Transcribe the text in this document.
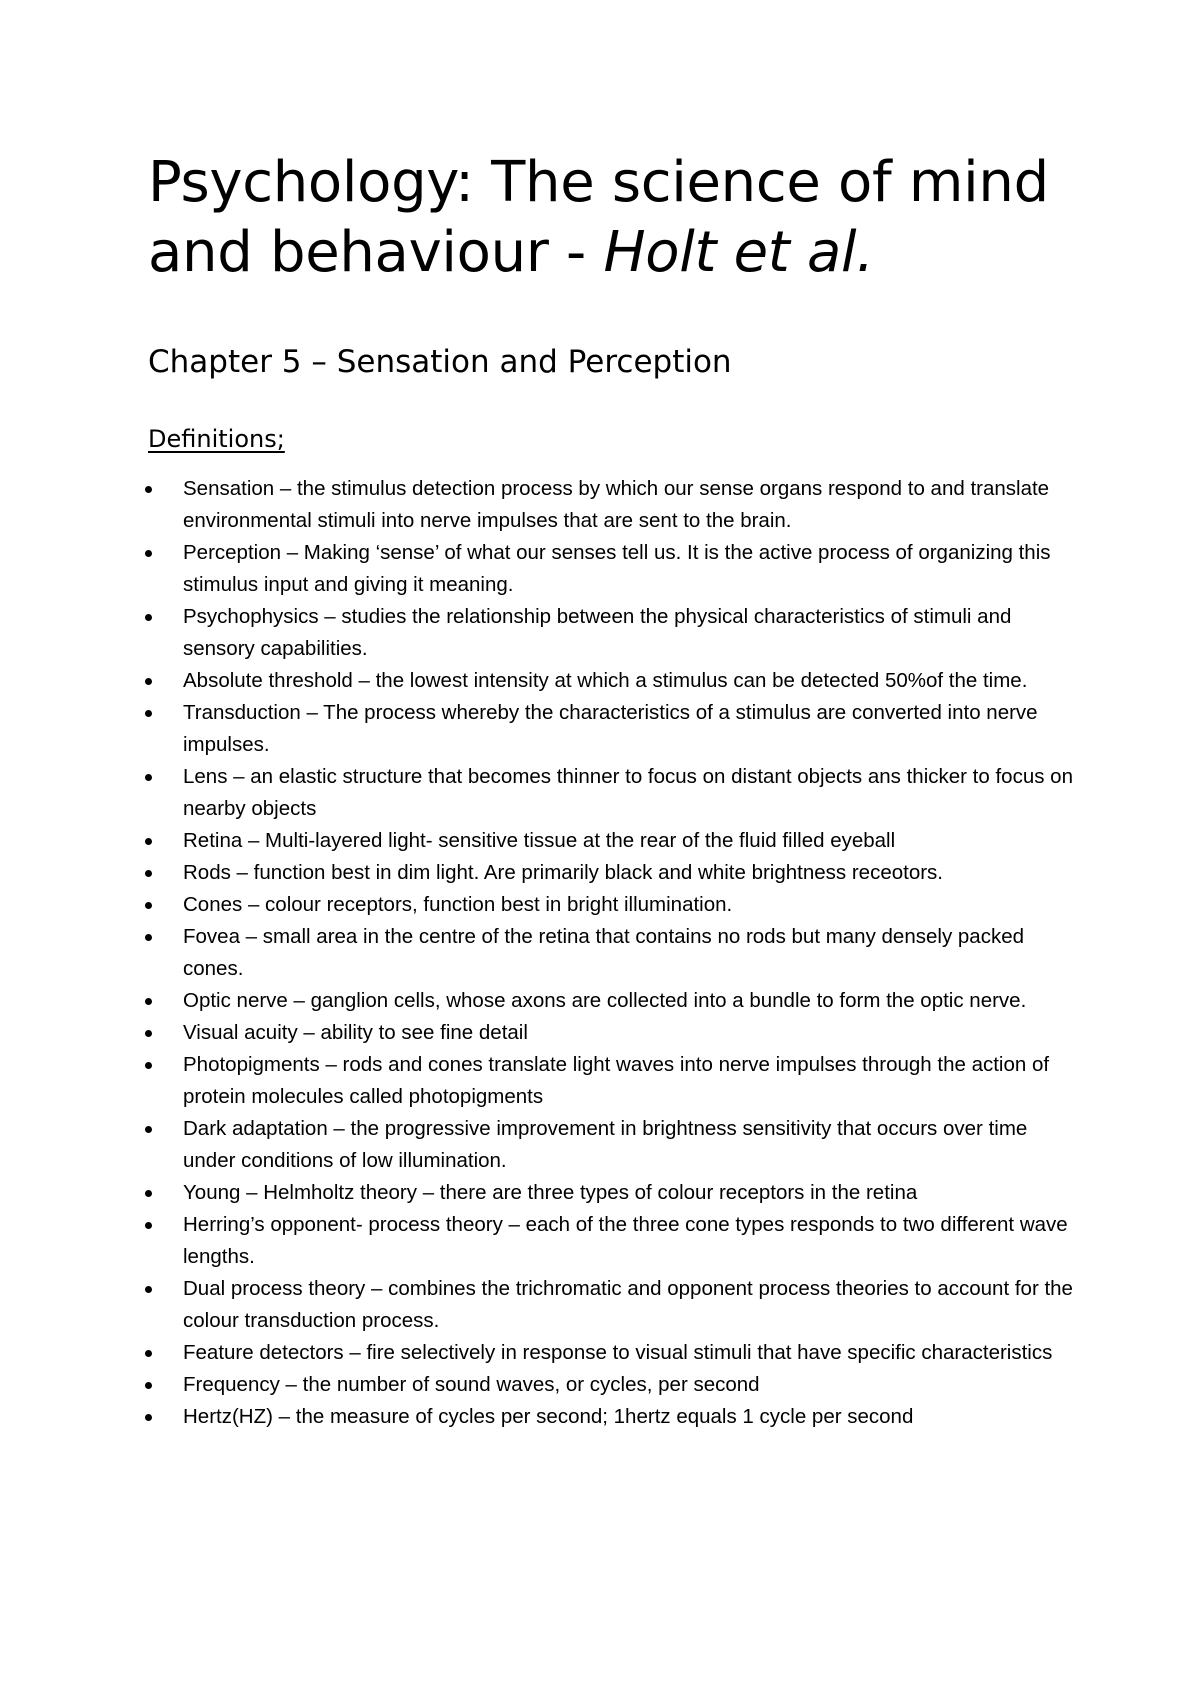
Psychology: The science of mind and behaviour - Holt et al.
Chapter 5 – Sensation and Perception
Definitions;
Sensation – the stimulus detection process by which our sense organs respond to and translate environmental stimuli into nerve impulses that are sent to the brain.
Perception – Making ‘sense’ of what our senses tell us. It is the active process of organizing this stimulus input and giving it meaning.
Psychophysics – studies the relationship between the physical characteristics of stimuli and sensory capabilities.
Absolute threshold – the lowest intensity at which a stimulus can be detected 50%of the time.
Transduction – The process whereby the characteristics of a stimulus are converted into nerve impulses.
Lens – an elastic structure that becomes thinner to focus on distant objects ans thicker to focus on nearby objects
Retina – Multi-layered light- sensitive tissue at the rear of the fluid filled eyeball
Rods – function best in dim light. Are primarily black and white brightness receotors.
Cones – colour receptors, function best in bright illumination.
Fovea – small area in the centre of the retina that contains no rods but many densely packed cones.
Optic nerve – ganglion cells, whose axons are collected into a bundle to form the optic nerve.
Visual acuity – ability to see fine detail
Photopigments – rods and cones translate light waves into nerve impulses through the action of protein molecules called photopigments
Dark adaptation – the progressive improvement in brightness sensitivity that occurs over time under conditions of low illumination.
Young – Helmholtz theory – there are three types of colour receptors in the retina
Herring’s opponent- process theory – each of the three cone types responds to two different wave lengths.
Dual process theory – combines the trichromatic and opponent process theories to account for the colour transduction process.
Feature detectors – fire selectively in response to visual stimuli that have specific characteristics
Frequency – the number of sound waves, or cycles, per second
Hertz(HZ) – the measure of cycles per second; 1hertz equals 1 cycle per second
